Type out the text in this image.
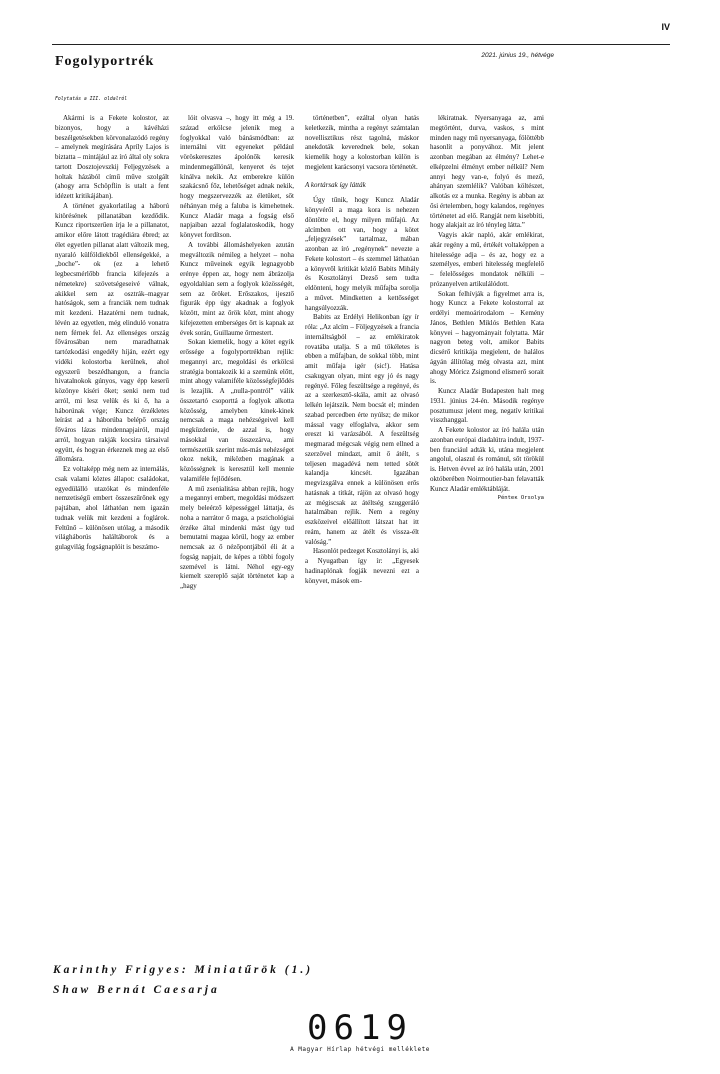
IV
2021. június 19., hétvége
Fogolyportrék
Folytatás a III. oldalról

Akármi is a Fekete kolostor, az bizonyos, hogy a kávéházi beszélgetésekben körvonalazódó regény – amelynek megírására Apríly Lajos is biztatta – mintájául az író által oly sokra tartott Dosztojevszkij Feljegyzések a holtak házából című műve szolgált (ahogy arra Schöpflin is utalt a fent idézett kritikájában).

A történet gyakorlatilag a háború kitörésének pillanatában kezdődik. Kuncz riportszerűen írja le a pillanatot, amikor előre látott tragédiára ébred; az élet egyetlen pillanat alatt változik meg, nyaraló külföldiekből ellenségekké, a „boche”- ok (ez a lehető legbecsmérlőbb francia kifejezés a németekre) szövetségeseivé válnak, akikkel sem az osztrák–magyar hatóságok, sem a franciák nem tudnak mit kezdeni. Hazatérni nem tudnak, lévén az egyetlen, még elinduló vonatra nem férnek fel. Az ellenséges ország fővárosában nem maradhatnak tartózkodási engedély híján, ezért egy vidéki kolostorba kerülnek, ahol egyszerű beszédhangon, a francia hivatalnokok gúnyos, vagy épp keserű közönye kíséri őket; senki nem tud arról, mi lesz velük és ki ő, ha a háborúnak vége; Kuncz érzékletes leírást ad a háborúba belépő ország főváros lázas mindennapjairól, majd arról, hogyan rakják kocsira társaival együtt, és hogyan érkeznek meg az első állomásra.

Ez voltaképp még nem az internálás, csak valami köztes állapot: családokat, egyedülálló utazókat és mindenféle nemzetiségű embert összeszűrőnek egy pajtában, ahol láthatóan nem igazán tudnak velük mit kezdeni a foglárok. Feltűnő – különösen utólag, a második világháborús haláltáborok és a gulagvilág fogságnaplóit is beszámo-

lóit olvasva –, hogy itt még a 19. század erkölcse jelenik meg a foglyokkal való bánásmódban: az internálni vitt egyeneket például vöröskeresztes ápolónők keresik mindenmegállónál, kenyeret és tejet kínálva nekik. Az emberekre külön szakácsnő főz, lehetőséget adnak nekik, hogy megszervezzék az életüket, sőt néhányan még a faluba is kimehetnek. Kuncz Aladár maga a fogság első napjaiban azzal foglalatoskodik, hogy könyvet fordítson.

A további állomáshelyeken azután megváltozik némileg a helyzet – noha Kuncz műveinek egyik legnagyobb erénye éppen az, hogy nem ábrázolja egyoldalúan sem a foglyok közösségét, sem az őröket. Erőszakos, ijesztő figurák épp úgy akadnak a foglyok között, mint az őrök közt, mint ahogy kifejezetten emberséges őrt is kapnak az évek során, Guillaume őrmestert.

Sokan kiemelik, hogy a kötet egyik erőssége a fogolyportrékban rejlik: megannyi arc, megoldási és erkölcsi stratégia bontakozik ki a szemünk előtt, mint ahogy valamiféle közösségfejlődés is lezajlik. A „nulla-pontról” válik összetartó csoporttá a foglyok alkotta közösség, amelyben kinek-kinek nemcsak a maga nehézségeivel kell megküzdenie, de azzal is, hogy másokkal van összezárva, ami természetük szerint más-más nehézséget okoz nekik, miközben magának a közösségnek is keresztül kell mennie valamiféle fejlődésen.

A mű zsenialitása abban rejlik, hogy a megannyi embert, megoldási módszert mely beleérző képességgel láttatja, és noha a narrátor ő maga, a pszichológiai érzéke által mindenki mást úgy tud bemutatni magaa körül, hogy az ember nemcsak az ő nézőpontjából éli át a fogság napjait, de képes a többi fogoly szemével is látni. Néhol egy-egy kiemelt szereplő saját történetet kap a „hagy

történetben”, ezáltal olyan hatás keletkezik, mintha a regényt számtalan novellisztikus rész tagolná, máskor anekdoták keverednek bele, sokan kiemelik hogy a kolostorban külön is megjelent karácsonyi vacsora történetét.

A kortársak így látták

Úgy tűnik, hogy Kuncz Aladár könyvéről a maga kora is nehezen döntötte el, hogy milyen műfajú. Az alcímben ott van, hogy a kötet „feljegyzések” tartalmaz, mában azonban az író „regénynek” nevezte a Fekete kolostort – és szemmel láthatóan a könyvről kritikát közlő Babits Mihály és Kosztolányi Dezső sem tudta eldönteni, hogy melyik műfajba sorolja a művet. Mindketten a kettősséget hangsúlyozzák.

Babits az Erdélyi Helikonban így ír róla: „Az alcím – Följegyzések a francia internáltságból – az emlékiratok rovatába utalja. S a mű tökéletes is ebben a műfajban, de sokkal több, mint amit műfaja igér (sic!). Hatása csakugyan olyan, mint egy jó és nagy regényé. Főleg feszültsége a regényé, és az a szerkesztő-skála, amit az olvasó lelkén lejátszik. Nem bocsát el; minden szabad percedben érte nyúlsz; de mikor mással vagy elfoglalva, akkor sem ereszt ki varázsából. A feszültség megmarad mégcsak végig nem ellned a szerzővel mindazt, amit ő átélt, s teljesen magadévá nem tetted sötét kalandja kincsét. Igazában megvizsgálva ennek a különösen erős hatásnak a titkát, rájön az olvasó hogy az mégiscsak az átéltség szuggeráló hatalmában rejlik. Nem a regény eszközeivel előállított látszat hat itt reám, hanem az átélt és vissza-élt valóság.”

Hasonlót pedzeget Kosztolányi is, aki a Nyugatban így ír: „Egyesek hadinaplónak fogják nevezni ezt a könyvet, mások em-

lékiratnak. Nyersanyaga az, ami megtörtént, durva, vaskos, s mint minden nagy mű nyersanyaga, fölöttébb hasonlít a ponyvához. Mit jelent azonban megában az élmény? Lehet-e elképzelni élményt ember nélkül? Nem annyi hegy van-e, folyó és mező, ahányan szemlélik? Valóban költészet, alkotás ez a munka. Regény is abban az ősi értelemben, hogy kalandos, regényes történetet ad elő. Rangját nem kisebbíti, hogy alakjait az író tényleg látta.”

Vagyis akár napló, akár emlékirat, akár regény a mű, értékét voltaképpen a hitelessége adja – és az, hogy ez a személyes, emberi hitelesség megfelelő – felelősséges mondatok nélküli – prózanyelven artikulálódott.

Sokan felhívják a figyelmet arra is, hogy Kuncz a Fekete kolostorral az erdélyi memoárirodalom – Kemény János, Bethlen Miklós Bethlen Kata könyvei – hagyományait folytatta. Már nagyon beteg volt, amikor Babits dicsérő kritikája megjelent, de halálos ágyán állítólag még olvasta azt, mint ahogy Móricz Zsigmond elismerő sorait is.

Kuncz Aladár Budapesten halt meg 1931. június 24-én. Második regénye posztumusz jelent meg, negatív kritikai visszhanggal.

A Fekete kolostor az író halála után azonban európai diadalútra indult, 1937-ben franciául adták ki, utána megjelent angolul, olaszul és románul, sőt törökül is. Hetven évvel az író halála után, 2001 októberében Noirmoutier-ban felavatták Kuncz Aladár emléktábláját.

Pénteк Orsolya

Karinthy Frigyes: Miniatűrök (1.)
Shaw Bernát Caesarja
0619
A Magyar Hírlap hétvégi melléklete
